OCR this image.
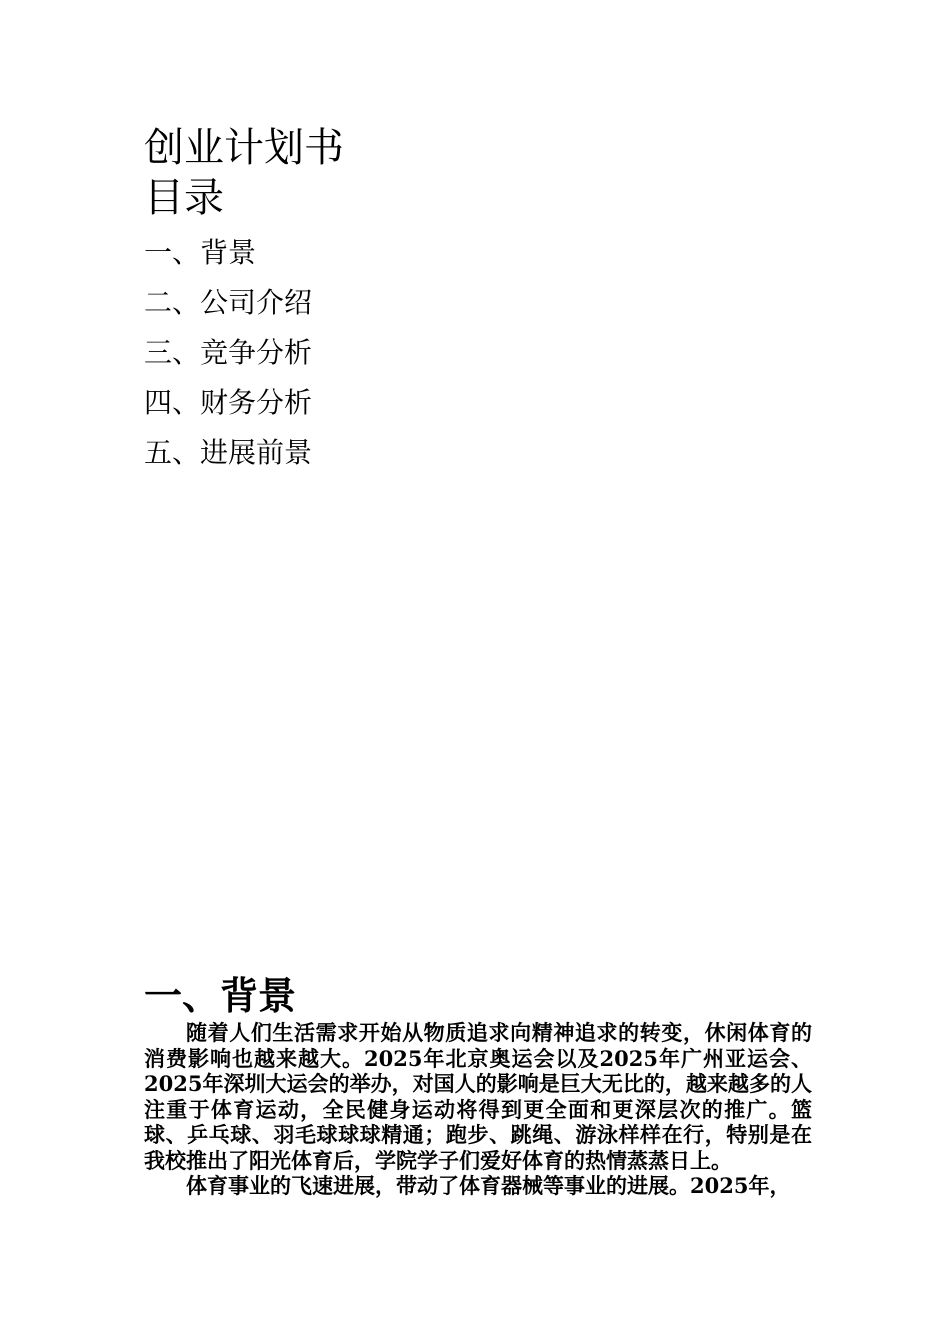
创业计划书
目录
一、背景
二、公司介绍
三、竞争分析
四、财务分析
五、进展前景
一、背景

随着人们生活需求开始从物质追求向精神追求的转变，休闲体育的消费影响也越来越大。2025年北京奥运会以及2025年广州亚运会、2025年深圳大运会的举办，对国人的影响是巨大无比的，越来越多的人注重于体育运动，全民健身运动将得到更全面和更深层次的推广。篮球、乒乓球、羽毛球球球精通；跑步、跳绳、游泳样样在行，特别是在我校推出了阳光体育后，学院学子们爱好体育的热情蒸蒸日上。

体育事业的飞速进展，带动了体育器械等事业的进展。2025年，
